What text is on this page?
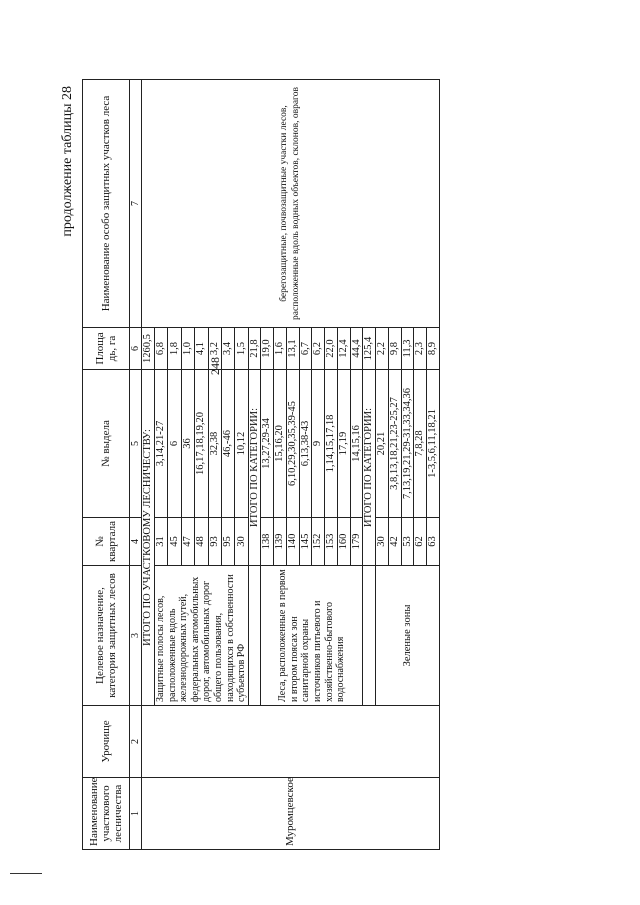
248
продолжение таблицы 28
Наименование участкового лесничества	Урочище	Целевое назначение, категория защитных лесов	№ квартала	№ выдела	Площа дь, га	Наименование особо защитных участков леса
1	2	3	4	5	6	7
Муромцевское		ИТОГО ПО УЧАСТКОВОМУ ЛЕСНИЧЕСТВУ:			1260,5	берегозащитные, почвозащитные участки лесов, расположенные вдоль водных объектов, склонов, оврагов

		Защитные полосы лесов, расположенные вдоль железнодорожных путей, федеральных автомобильных дорог, автомобильных дорог общего пользования, находящихся в собственности субъектов РФ	31	3,14,21-27	6,8	
			45	6	1,8	
			47	36	1,0	
			48	16,17,18,19,20	4,1	
			93	32,38	3,2	
			95	46,-46	3,4	
			30	10,12	1,5	
			ИТОГО ПО КАТЕГОРИИ:		21,8	
		Леса, расположенные в первом и втором поясах зон санитарной охраны источников питьевого и хозяйственно-бытового водоснабжения	138	13,27,29-34	19,0	
			139	15,16,20	1,6	
			140	6,10,29,30,35,39-45	13,1	
			145	6,13,38-43	6,7	
			152	9	6,2	
			153	1,14,15,17,18	22,0	
			160	17,19	12,4	
			179	14,15,16	44,4	
			ИТОГО ПО КАТЕГОРИИ:		125,4	
		Зеленые зоны	30	20,21	2,2	
			42	3,8,13,18,21,23-25,27	9,8	
			53	7,13,19,21,29-31,33,34,36	11,3	
			62	7,8,28	2,3	
			63	1-3,5,6,11,18,21	8,9	
